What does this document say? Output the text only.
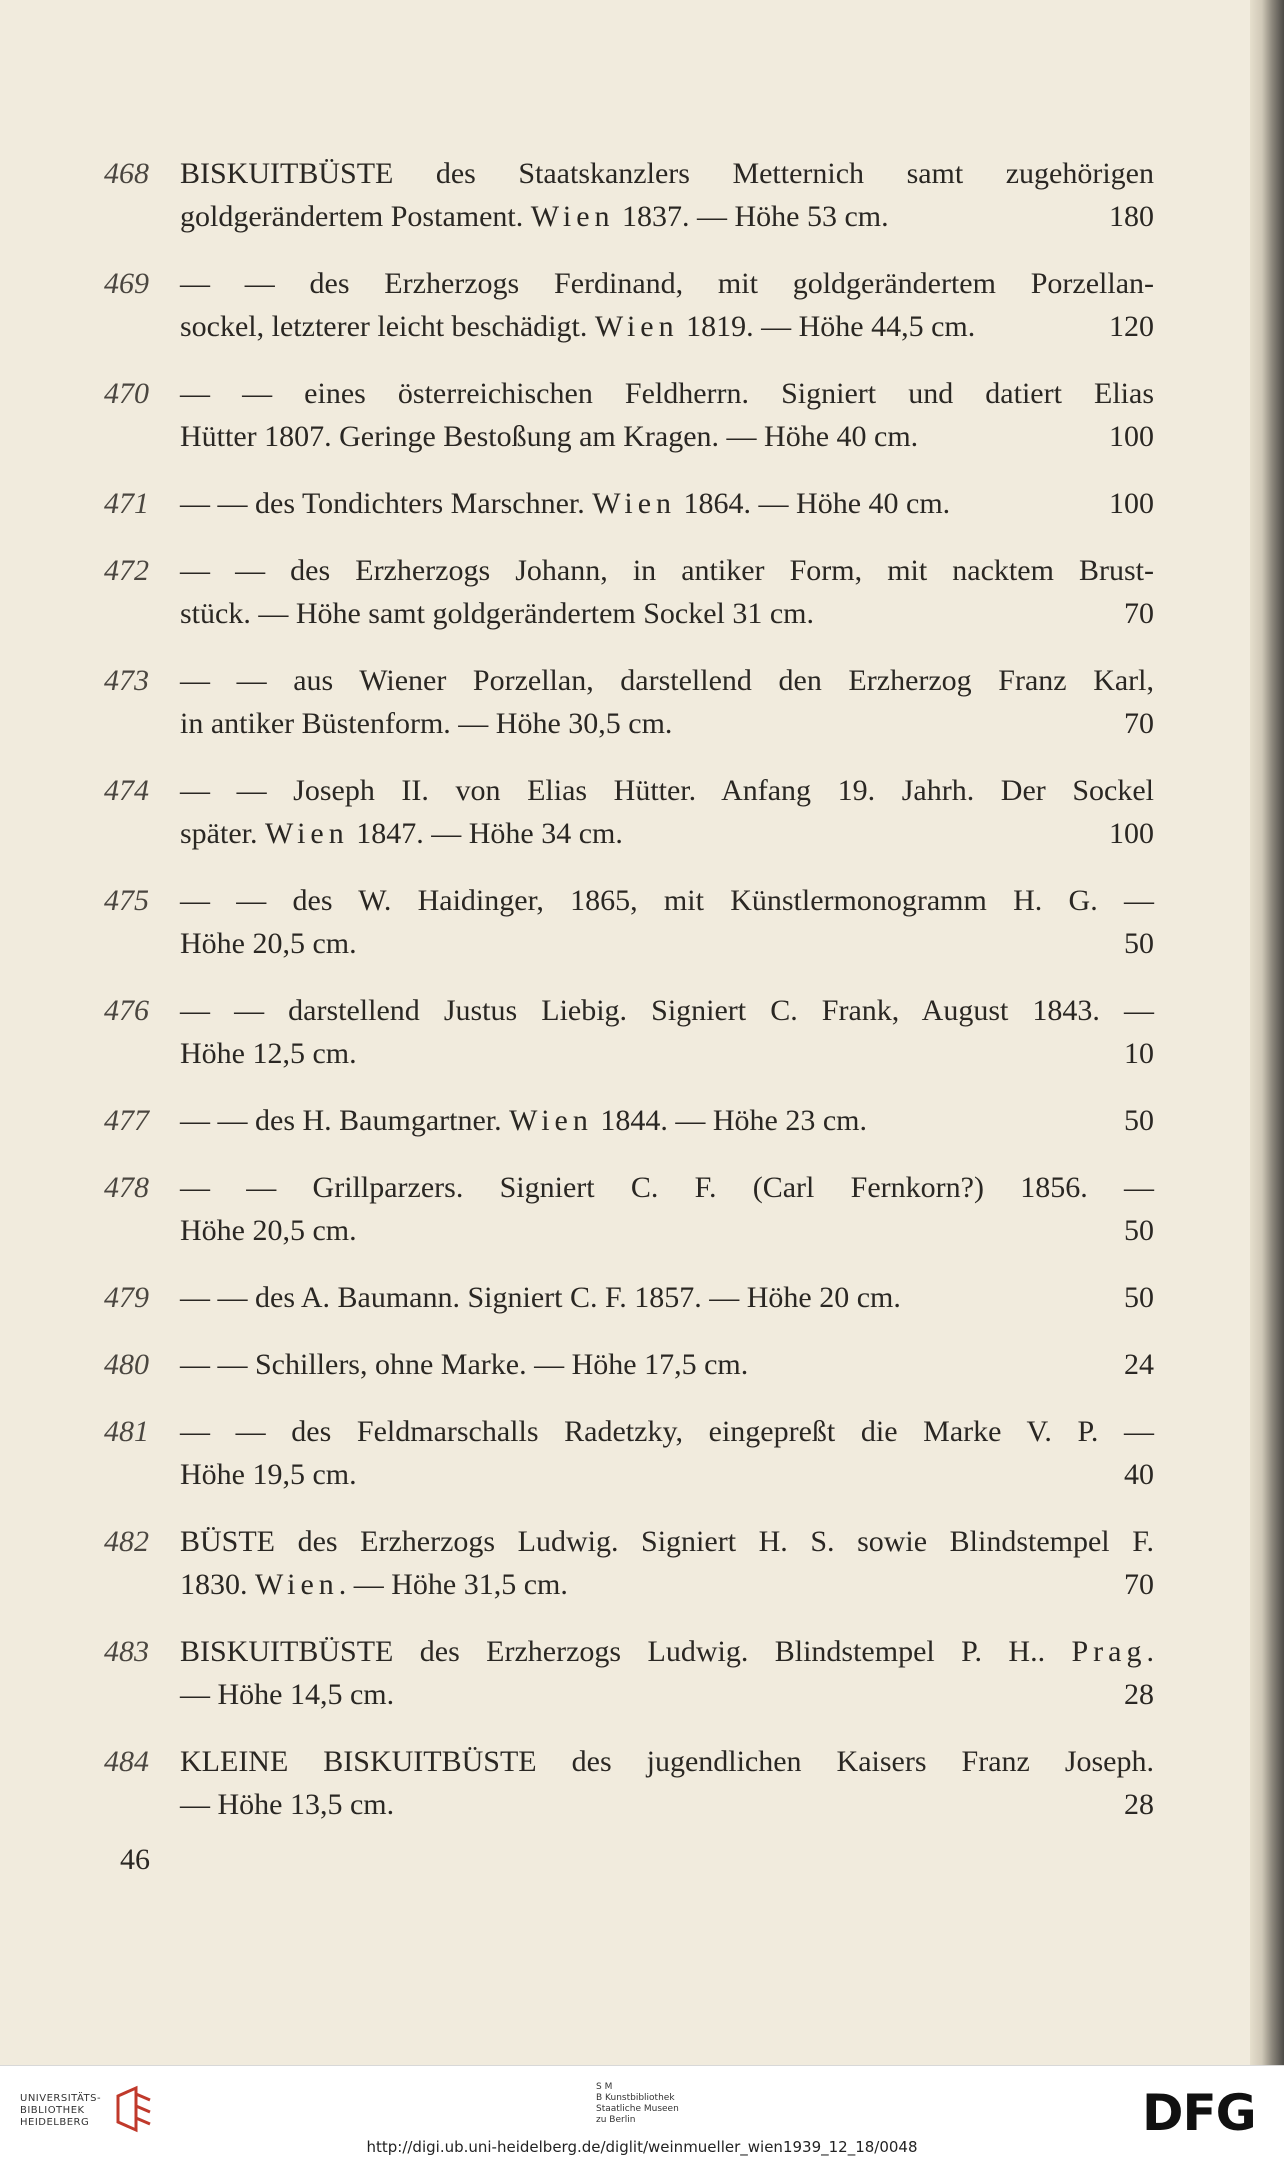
468	BISKUITBÜSTE des Staatskanzlers Metternich samt zugehörigen
goldgerändertem Postament. Wien 1837. — Höhe 53 cm.	180
469	— — des Erzherzogs Ferdinand, mit goldgerändertem Porzellan-
sockel, letzterer leicht beschädigt. Wien 1819. — Höhe 44,5 cm.	120
470	— — eines österreichischen Feldherrn. Signiert und datiert Elias
Hütter 1807. Geringe Bestoßung am Kragen. — Höhe 40 cm.	100
471	— — des Tondichters Marschner. Wien 1864. — Höhe 40 cm.	100
472	— — des Erzherzogs Johann, in antiker Form, mit nacktem Brust-
stück. — Höhe samt goldgerändertem Sockel 31 cm.	70
473	— — aus Wiener Porzellan, darstellend den Erzherzog Franz Karl,
in antiker Büstenform. — Höhe 30,5 cm.	70
474	— — Joseph II. von Elias Hütter. Anfang 19. Jahrh. Der Sockel
später. Wien 1847. — Höhe 34 cm.	100
475	— — des W. Haidinger, 1865, mit Künstlermonogramm H. G. —
Höhe 20,5 cm.	50
476	— — darstellend Justus Liebig. Signiert C. Frank, August 1843. —
Höhe 12,5 cm.	10
477	— — des H. Baumgartner. Wien 1844. — Höhe 23 cm.	50
478	— — Grillparzers. Signiert C. F. (Carl Fernkorn?) 1856. —
Höhe 20,5 cm.	50
479	— — des A. Baumann. Signiert C. F. 1857. — Höhe 20 cm.	50
480	— — Schillers, ohne Marke. — Höhe 17,5 cm.	24
481	— — des Feldmarschalls Radetzky, eingepreßt die Marke V. P. —
Höhe 19,5 cm.	40
482	BÜSTE des Erzherzogs Ludwig. Signiert H. S. sowie Blindstempel F.
1830. Wien. — Höhe 31,5 cm.	70
483	BISKUITBÜSTE des Erzherzogs Ludwig. Blindstempel P. H.. Prag.
— Höhe 14,5 cm.	28
484	KLEINE BISKUITBÜSTE des jugendlichen Kaisers Franz Joseph.
— Höhe 13,5 cm.	28
46
UNIVERSITÄTS-
BIBLIOTHEK
HEIDELBERG
S M
B Kunstbibliothek
Staatliche Museen
zu Berlin	DFG
http://digi.ub.uni-heidelberg.de/diglit/weinmueller_wien1939_12_18/0048
